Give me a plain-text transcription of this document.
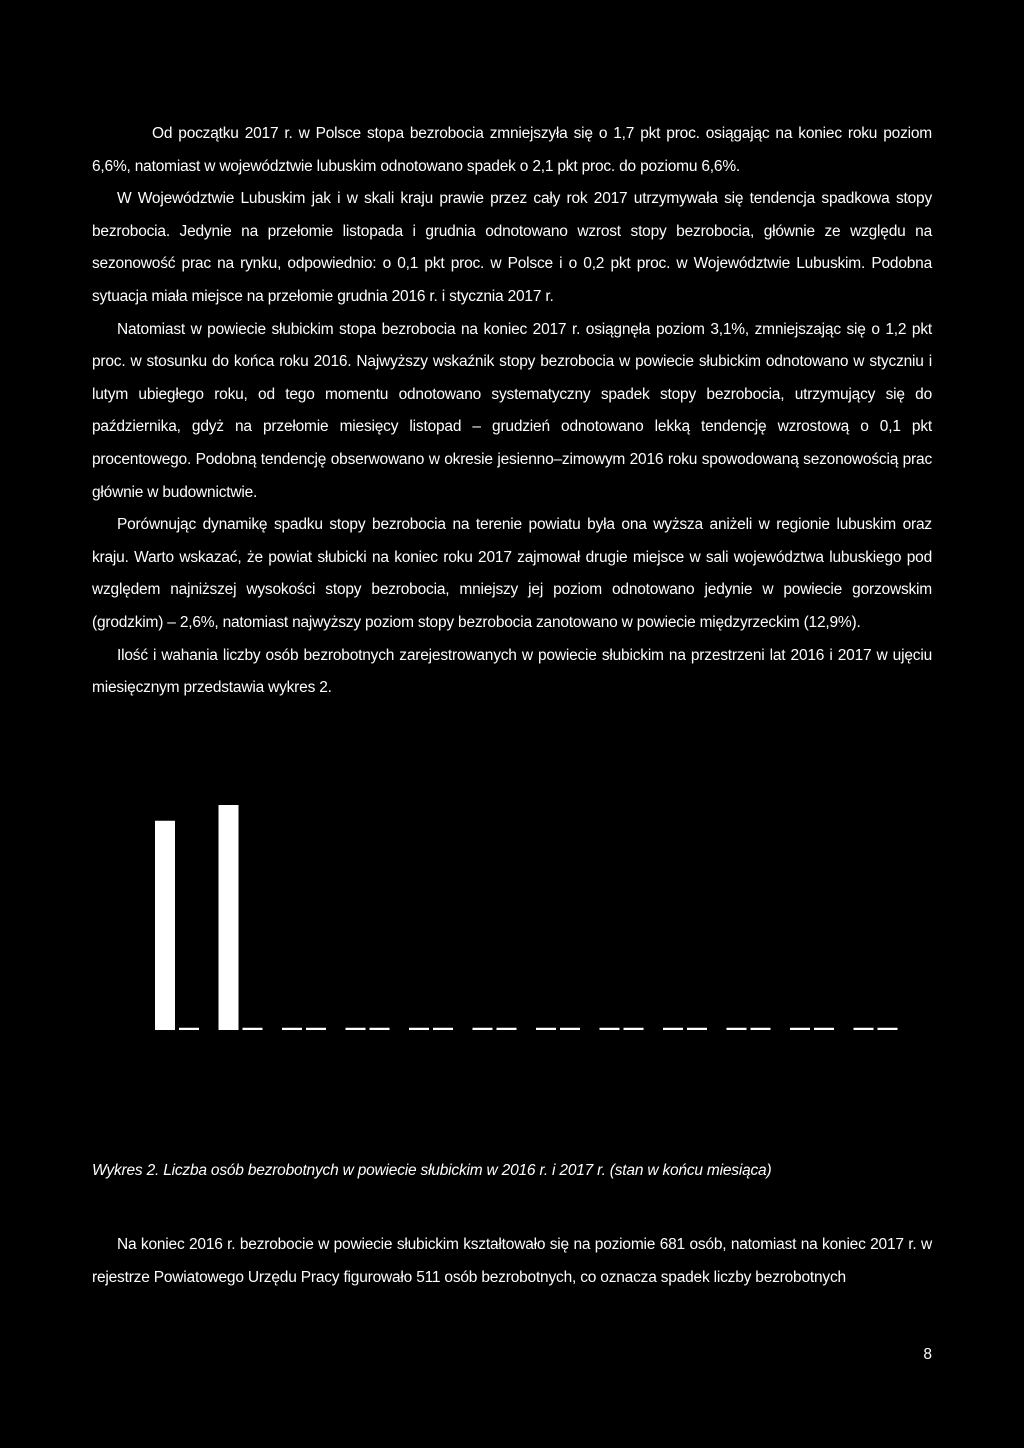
Od początku 2017 r. w Polsce stopa bezrobocia zmniejszyła się o 1,7 pkt proc. osiągając na koniec roku poziom 6,6%, natomiast w województwie lubuskim odnotowano spadek o 2,1 pkt proc. do poziomu 6,6%.

W Województwie Lubuskim jak i w skali kraju prawie przez cały rok 2017 utrzymywała się tendencja spadkowa stopy bezrobocia. Jedynie na przełomie listopada i grudnia odnotowano wzrost stopy bezrobocia, głównie ze względu na sezonowość prac na rynku, odpowiednio: o 0,1 pkt proc. w Polsce i o 0,2 pkt proc. w Województwie Lubuskim. Podobna sytuacja miała miejsce na przełomie grudnia 2016 r. i stycznia 2017 r.

Natomiast w powiecie słubickim stopa bezrobocia na koniec 2017 r. osiągnęła poziom 3,1%, zmniejszając się o 1,2 pkt proc. w stosunku do końca roku 2016. Najwyższy wskaźnik stopy bezrobocia w powiecie słubickim odnotowano w styczniu i lutym ubiegłego roku, od tego momentu odnotowano systematyczny spadek stopy bezrobocia, utrzymujący się do października, gdyż na przełomie miesięcy listopad – grudzień odnotowano lekką tendencję wzrostową o 0,1 pkt procentowego. Podobną tendencję obserwowano w okresie jesienno–zimowym 2016 roku spowodowaną sezonowością prac głównie w budownictwie.

Porównując dynamikę spadku stopy bezrobocia na terenie powiatu była ona wyższa aniżeli w regionie lubuskim oraz kraju. Warto wskazać, że powiat słubicki na koniec roku 2017 zajmował drugie miejsce w sali województwa lubuskiego pod względem najniższej wysokości stopy bezrobocia, mniejszy jej poziom odnotowano jedynie w powiecie gorzowskim (grodzkim) – 2,6%, natomiast najwyższy poziom stopy bezrobocia zanotowano w powiecie międzyrzeckim (12,9%).

Ilość i wahania liczby osób bezrobotnych zarejestrowanych w powiecie słubickim na przestrzeni lat 2016 i 2017 w ujęciu miesięcznym przedstawia wykres 2.

Wykres 2. Liczba osób bezrobotnych w powiecie słubickim w 2016 r. i 2017 r. (stan w końcu miesiąca)

Na koniec 2016 r. bezrobocie w powiecie słubickim kształtowało się na poziomie 681 osób, natomiast na koniec 2017 r. w rejestrze Powiatowego Urzędu Pracy figurowało 511 osób bezrobotnych, co oznacza spadek liczby bezrobotnych

8
